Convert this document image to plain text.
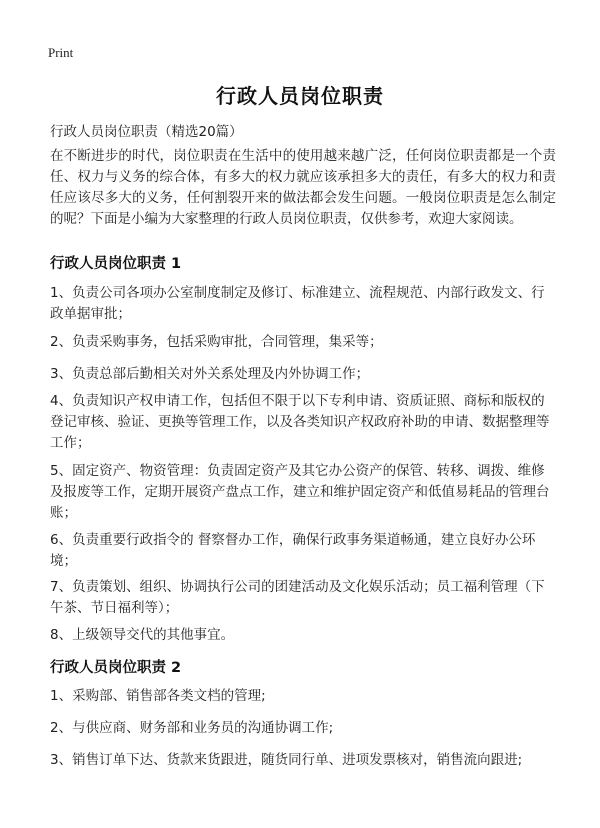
Print
行政人员岗位职责

行政人员岗位职责（精选20篇）

在不断进步的时代，岗位职责在生活中的使用越来越广泛，任何岗位职责都是一个责任、权力与义务的综合体，有多大的权力就应该承担多大的责任，有多大的权力和责任应该尽多大的义务，任何割裂开来的做法都会发生问题。一般岗位职责是怎么制定的呢？下面是小编为大家整理的行政人员岗位职责，仅供参考，欢迎大家阅读。

行政人员岗位职责 1

1、负责公司各项办公室制度制定及修订、标准建立、流程规范、内部行政发文、行政单据审批；

2、负责采购事务，包括采购审批，合同管理，集采等；

3、负责总部后勤相关对外关系处理及内外协调工作；

4、负责知识产权申请工作，包括但不限于以下专利申请、资质证照、商标和版权的登记审核、验证、更换等管理工作，以及各类知识产权政府补助的申请、数据整理等工作；

5、固定资产、物资管理：负责固定资产及其它办公资产的保管、转移、调拨、维修及报废等工作，定期开展资产盘点工作，建立和维护固定资产和低值易耗品的管理台账；

6、负责重要行政指令的 督察督办工作，确保行政事务渠道畅通，建立良好办公环境；

7、负责策划、组织、协调执行公司的团建活动及文化娱乐活动；员工福利管理（下午茶、节日福利等）；

8、上级领导交代的其他事宜。

行政人员岗位职责 2

1、采购部、销售部各类文档的管理;

2、与供应商、财务部和业务员的沟通协调工作;

3、销售订单下达、货款来货跟进，随货同行单、进项发票核对，销售流向跟进;
